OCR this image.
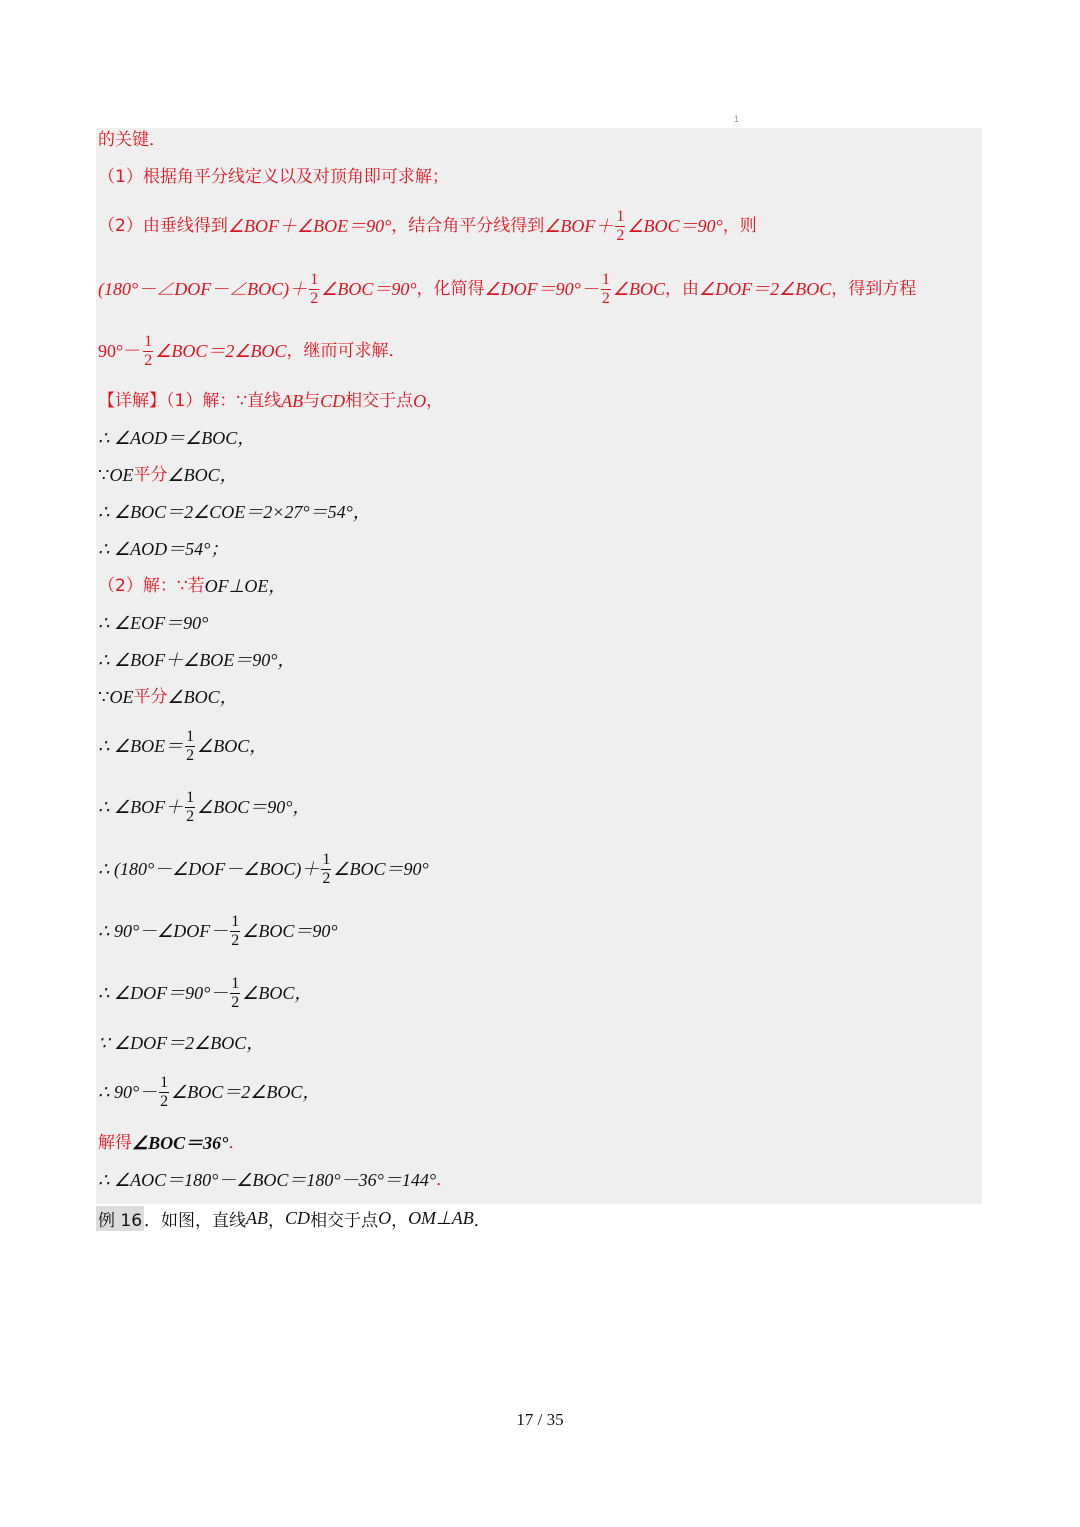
1
的关键．
（1）根据角平分线定义以及对顶角即可求解；
（2）由垂线得到 ∠BOF＋∠BOE＝90° ，结合角平分线得到 ∠BOF＋ $\frac{1}{2}$ ∠BOC＝90° ，则
(180°－∠DOF－∠BOC)＋ $\frac{1}{2}$ ∠BOC＝90° ，化简得 ∠DOF＝90°－ $\frac{1}{2}$ ∠BOC ，由 ∠DOF＝2∠BOC ，得到方程
$90^\circ- \frac{1}{2}$ ∠BOC＝2∠BOC ，继而可求解．
【详解】（1）解：∵直线 AB 与 CD 相交于点 O ，
∴ ∠AOD＝∠BOC，
∵ OE 平分 ∠BOC，
∴ ∠BOC＝2∠COE＝2×27°＝54°，
∴ ∠AOD＝54°；
（2）解：∵若 OF⊥OE，
∴ ∠EOF＝90°
∴ ∠BOF＋∠BOE＝90°，
∵ OE 平分 ∠BOC，
∴ ∠BOE＝ $\frac{1}{2}$ ∠BOC，
∴ ∠BOF＋ $\frac{1}{2}$ ∠BOC＝90°，
∴ (180°－∠DOF－∠BOC)＋ $\frac{1}{2}$ ∠BOC＝90°
∴ 90°－∠DOF－ $\frac{1}{2}$ ∠BOC＝90°
∴ ∠DOF＝90°－ $\frac{1}{2}$ ∠BOC，
∵ ∠DOF＝2∠BOC，
∴ $90^\circ- \frac{1}{2}$ ∠BOC＝2∠BOC，
解得 ∠BOC＝36° ．
∴ ∠AOC＝180°－∠BOC＝180°－36°＝144° ．
例 16 ．如图，直线 AB ， CD 相交于点 O ， OM⊥AB ．
17 / 35
